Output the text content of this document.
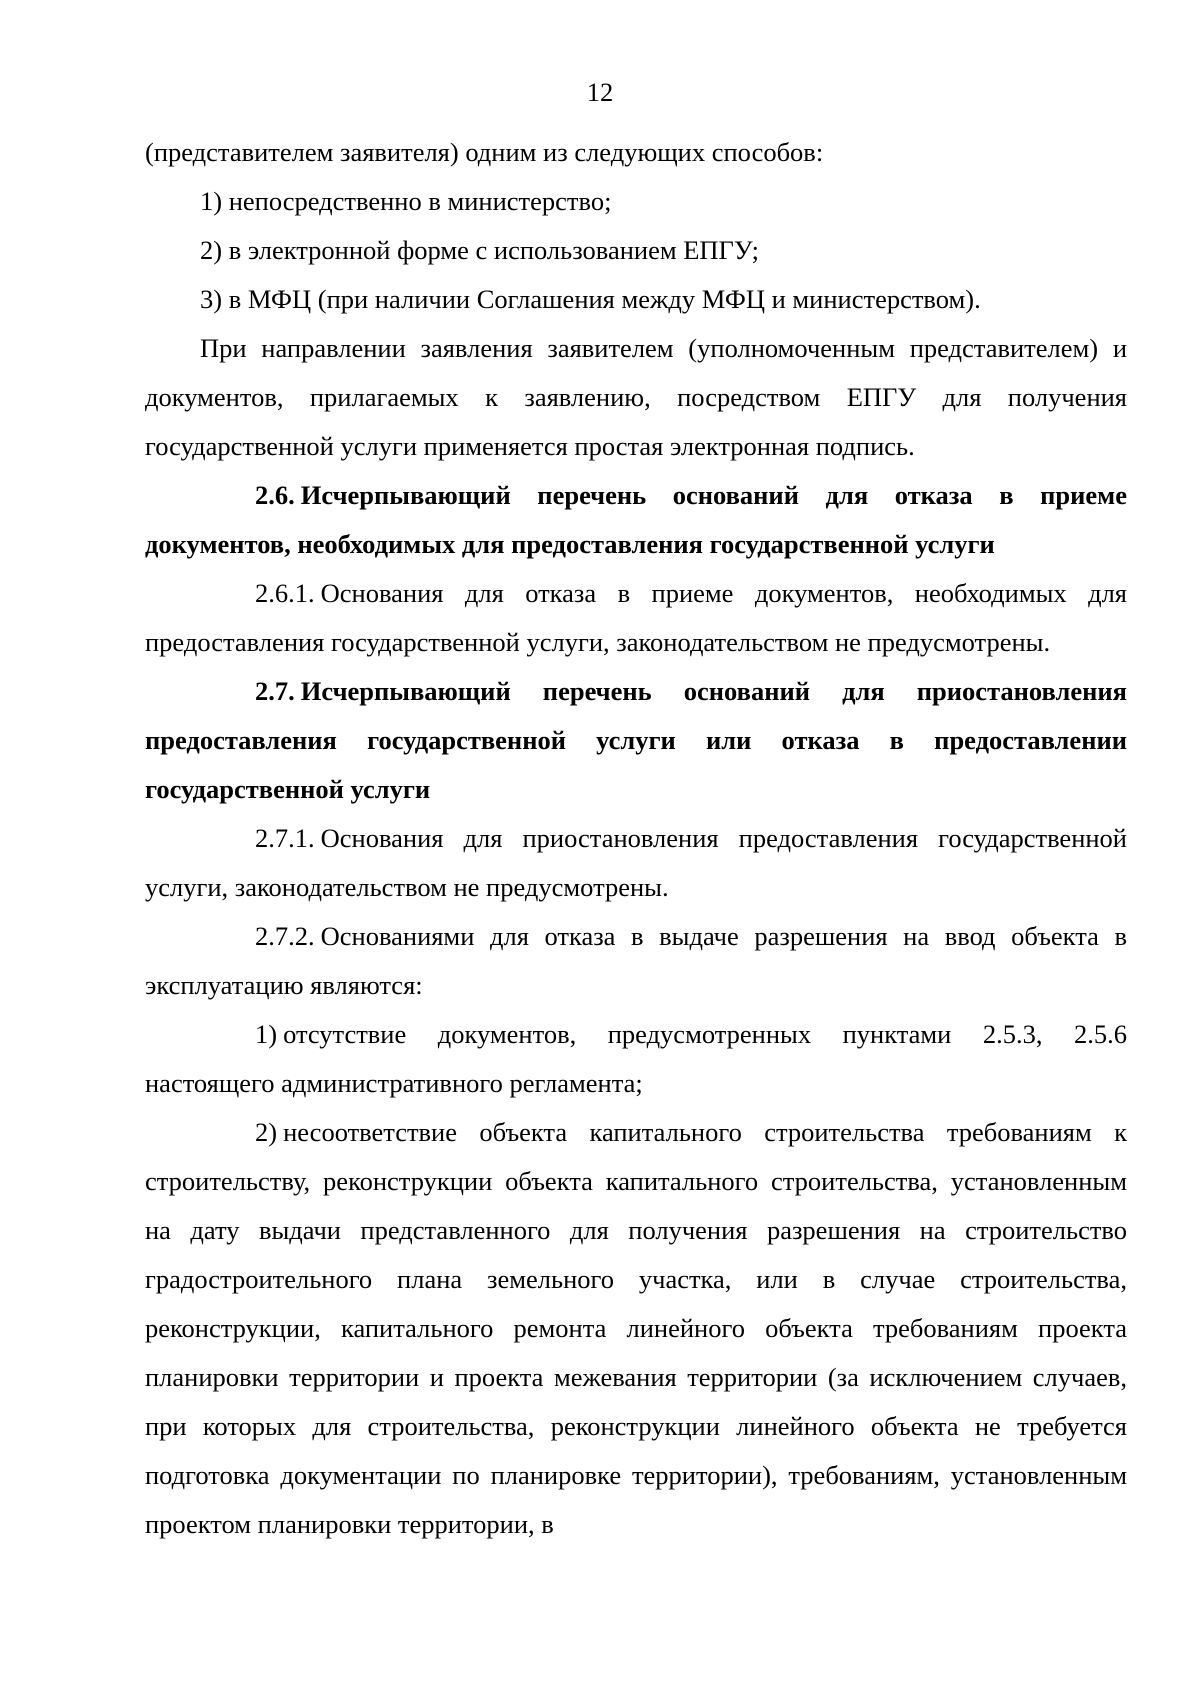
12

(представителем заявителя) одним из следующих способов:

1) непосредственно в министерство;

2) в электронной форме с использованием ЕПГУ;

3) в МФЦ (при наличии Соглашения между МФЦ и министерством).

При направлении заявления заявителем (уполномоченным представителем) и документов, прилагаемых к заявлению, посредством ЕПГУ для получения государственной услуги применяется простая электронная подпись.

2.6. Исчерпывающий перечень оснований для отказа в приеме документов, необходимых для предоставления государственной услуги

2.6.1. Основания для отказа в приеме документов, необходимых для предоставления государственной услуги, законодательством не предусмотрены.

2.7. Исчерпывающий перечень оснований для приостановления предоставления государственной услуги или отказа в предоставлении государственной услуги

2.7.1. Основания для приостановления предоставления государственной услуги, законодательством не предусмотрены.

2.7.2. Основаниями для отказа в выдаче разрешения на ввод объекта в эксплуатацию являются:

1) отсутствие документов, предусмотренных пунктами 2.5.3, 2.5.6 настоящего административного регламента;

2) несоответствие объекта капитального строительства требованиям к строительству, реконструкции объекта капитального строительства, установленным на дату выдачи представленного для получения разрешения на строительство градостроительного плана земельного участка, или в случае строительства, реконструкции, капитального ремонта линейного объекта требованиям проекта планировки территории и проекта межевания территории (за исключением случаев, при которых для строительства, реконструкции линейного объекта не требуется подготовка документации по планировке территории), требованиям, установленным проектом планировки территории, в
